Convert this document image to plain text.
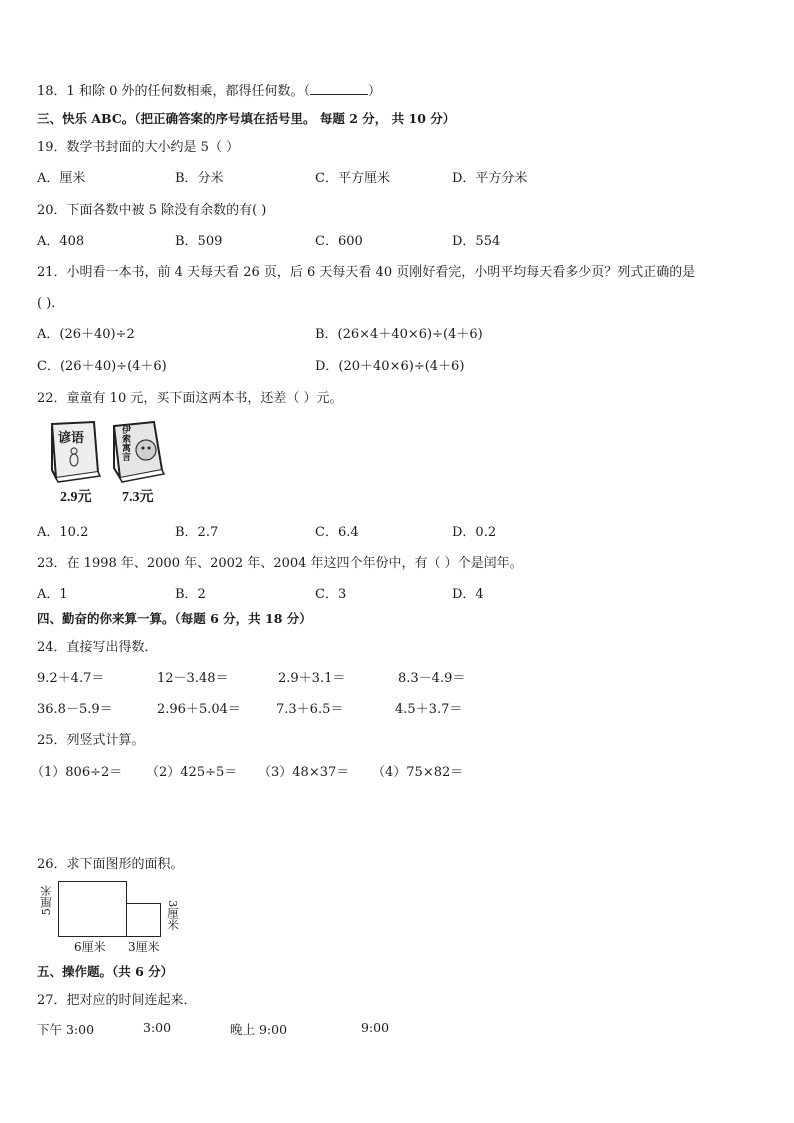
18．1 和除 0 外的任何数相乘，都得任何数。（	）
三、快乐 ABC。（把正确答案的序号填在括号里。 每题 2 分， 共 10 分）
19．数学书封面的大小约是 5（ ）
A．厘米	B．分米	C．平方厘米	D．平方分米
20．下面各数中被 5 除没有余数的有( )
A．408	B．509	C．600	D．554
21．小明看一本书，前 4 天每天看 26 页，后 6 天每天看 40 页刚好看完，小明平均每天看多少页？列式正确的是
( )．
A．(26＋40)÷2	B．(26×4＋40×6)÷(4＋6)
C．(26＋40)÷(4＋6)	D．(20＋40×6)÷(4＋6)
22．童童有 10 元，买下面这两本书，还差（ ）元。
谚语	伊索寓言
2.9元 7.3元
A．10.2	B．2.7	C．6.4	D．0.2
23．在 1998 年、2000 年、2002 年、2004 年这四个年份中，有（ ）个是闰年。
A．1	B．2	C．3	D．4
四、勤奋的你来算一算。（每题 6 分，共 18 分）
24．直接写出得数．
9.2＋4.7＝	12－3.48＝	2.9＋3.1＝	8.3－4.9＝
36.8－5.9＝	2.96＋5.04＝	7.3＋6.5＝	4.5＋3.7＝
25．列竖式计算。
（1）806÷2＝ （2）425÷5＝ （3）48×37＝ （4）75×82＝
26．求下面图形的面积。
5厘米
6厘米 3厘米
3厘米
五、操作题。（共 6 分）
27．把对应的时间连起来．
下午 3:00	3:00	晚上 9:00	9:00
